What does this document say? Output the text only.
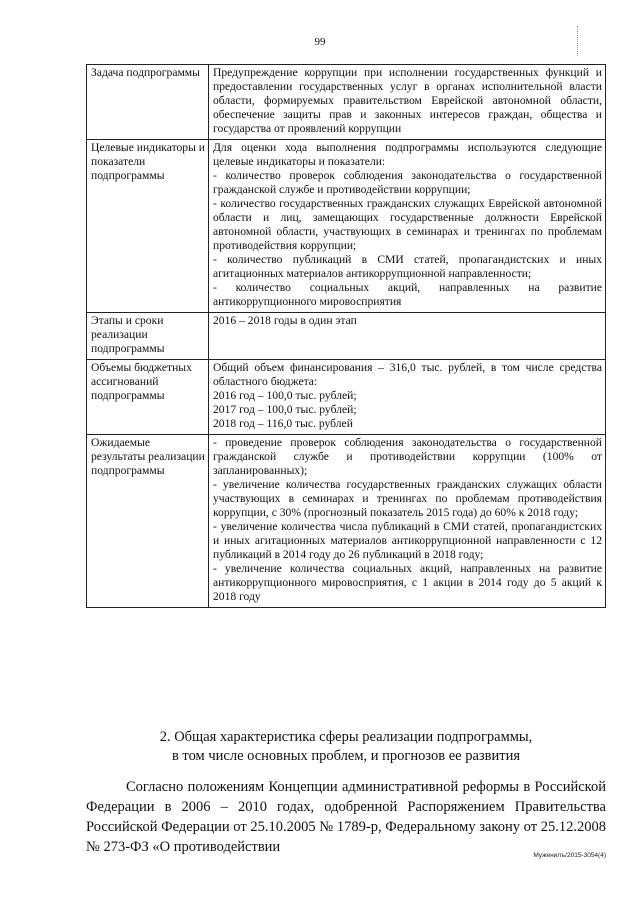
99
Задача подпрограммы	Предупреждение коррупции при исполнении государственных функций и предоставлении государственных услуг в органах исполнительной власти области, формируемых правительством Еврейской автономной области, обеспечение защиты прав и законных интересов граждан, общества и государства от проявлений коррупции

Целевые индикаторы и показатели подпрограммы	Для оценки хода выполнения подпрограммы используются следующие целевые индикаторы и показатели:
- количество проверок соблюдения законодательства о государственной гражданской службе и противодействии коррупции;
- количество государственных гражданских служащих Еврейской автономной области и лиц, замещающих государственные должности Еврейской автономной области, участвующих в семинарах и тренингах по проблемам противодействия коррупции;
- количество публикаций в СМИ статей, пропагандистских и иных агитационных материалов антикоррупционной направленности;
- количество социальных акций, направленных на развитие антикоррупционного мировосприятия

Этапы и сроки реализации подпрограммы	2016 – 2018 годы в один этап

Объемы бюджетных ассигнований подпрограммы	Общий объем финансирования – 316,0 тыс. рублей, в том числе средства областного бюджета:
2016 год – 100,0 тыс. рублей;
2017 год – 100,0 тыс. рублей;
2018 год – 116,0 тыс. рублей

Ожидаемые результаты реализации подпрограммы	- проведение проверок соблюдения законодательства о государственной гражданской службе и противодействии коррупции (100% от запланированных);
- увеличение количества государственных гражданских служащих области участвующих в семинарах и тренингах по проблемам противодействия коррупции, с 30% (прогнозный показатель 2015 года) до 60% к 2018 году;
- увеличение количества числа публикаций в СМИ статей, пропагандистских и иных агитационных материалов антикоррупционной направленности с 12 публикаций в 2014 году до 26 публикаций в 2018 году;
- увеличение количества социальных акций, направленных на развитие антикоррупционного мировосприятия, с 1 акции в 2014 году до 5 акций к 2018 году
2. Общая характеристика сферы реализации подпрограммы,
в том числе основных проблем, и прогнозов ее развития
Согласно положениям Концепции административной реформы в Российской Федерации в 2006 – 2010 годах, одобренной Распоряжением Правительства Российской Федерации от 25.10.2005 № 1789-р, Федеральному закону от 25.12.2008 № 273-ФЗ «О противодействии
Муженилъ/2015-3054(4)
